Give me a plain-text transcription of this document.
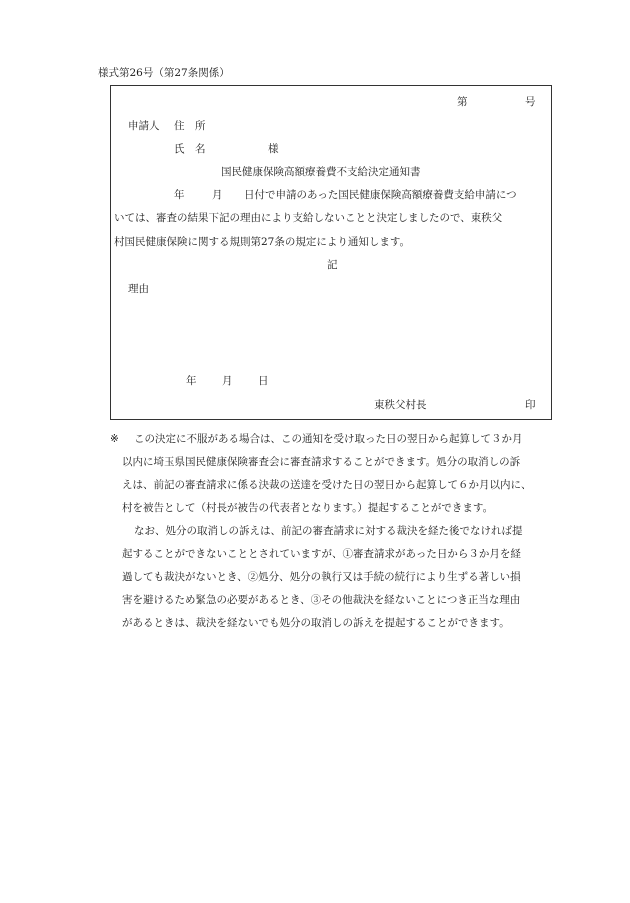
様式第26号（第27条関係）
第	号
申請人 住　所
氏　名	様
国民健康保険高額療養費不支給決定通知書
年	月 日付で申請のあった国民健康保険高額療養費支給申請につ
いては、審査の結果下記の理由により支給しないことと決定しましたので、東秩父
村国民健康保険に関する規則第27条の規定により通知します。
記
理由
年 月 日
東秩父村長	印
※ この決定に不服がある場合は、この通知を受け取った日の翌日から起算して３か月
以内に埼玉県国民健康保険審査会に審査請求することができます。処分の取消しの訴
えは、前記の審査請求に係る決裁の送達を受けた日の翌日から起算して６か月以内に、
村を被告として（村長が被告の代表者となります。）提起することができます。
なお、処分の取消しの訴えは、前記の審査請求に対する裁決を経た後でなければ提
起することができないこととされていますが、①審査請求があった日から３か月を経
過しても裁決がないとき、②処分、処分の執行又は手続の続行により生ずる著しい損
害を避けるため緊急の必要があるとき、③その他裁決を経ないことにつき正当な理由
があるときは、裁決を経ないでも処分の取消しの訴えを提起することができます。
